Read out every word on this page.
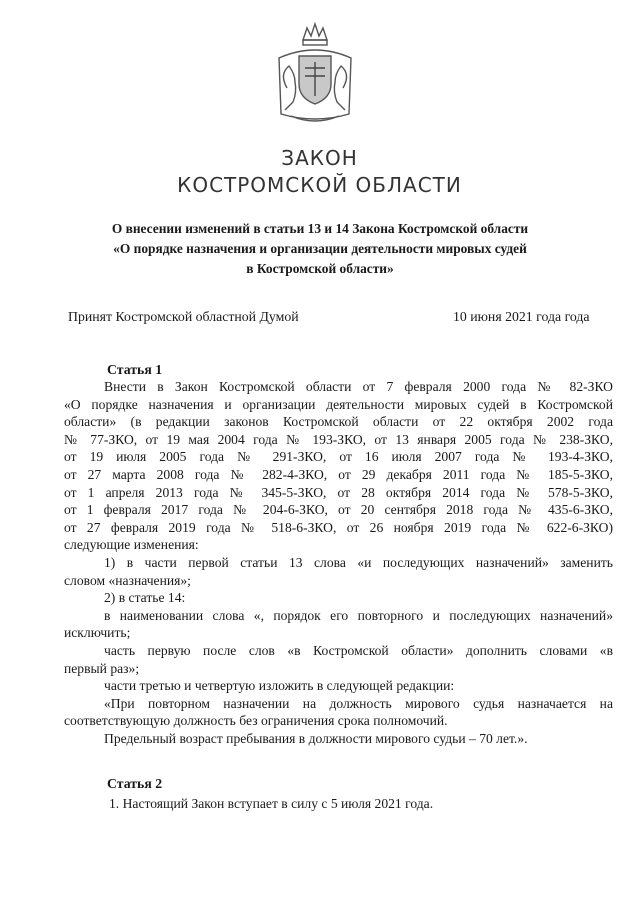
ЗАКОН
КОСТРОМСКОЙ ОБЛАСТИ
О внесении изменений в статьи 13 и 14 Закона Костромской области
«О порядке назначения и организации деятельности мировых судей
в Костромской области»
Принят Костромской областной Думой	10 июня 2021 года года
Статья 1
Внести в Закон Костромской области от 7 февраля 2000 года № 82-ЗКО
«О порядке назначения и организации деятельности мировых судей в Костромской
области» (в редакции законов Костромской области от 22 октября 2002 года
№ 77-ЗКО, от 19 мая 2004 года № 193-ЗКО, от 13 января 2005 года № 238-ЗКО,
от 19 июля 2005 года № 291-ЗКО, от 16 июля 2007 года № 193-4-ЗКО,
от 27 марта 2008 года № 282-4-ЗКО, от 29 декабря 2011 года № 185-5-ЗКО,
от 1 апреля 2013 года № 345-5-ЗКО, от 28 октября 2014 года № 578-5-ЗКО,
от 1 февраля 2017 года № 204-6-ЗКО, от 20 сентября 2018 года № 435-6-ЗКО,
от 27 февраля 2019 года № 518-6-ЗКО, от 26 ноября 2019 года № 622-6-ЗКО)
следующие изменения:
1) в части первой статьи 13 слова «и последующих назначений» заменить
словом «назначения»;
2) в статье 14:
в наименовании слова «, порядок его повторного и последующих назначений»
исключить;
часть первую после слов «в Костромской области» дополнить словами «в
первый раз»;
части третью и четвертую изложить в следующей редакции:
«При повторном назначении на должность мирового судья назначается на
соответствующую должность без ограничения срока полномочий.
Предельный возраст пребывания в должности мирового судьи – 70 лет.».
Статья 2
1. Настоящий Закон вступает в силу с 5 июля 2021 года.
